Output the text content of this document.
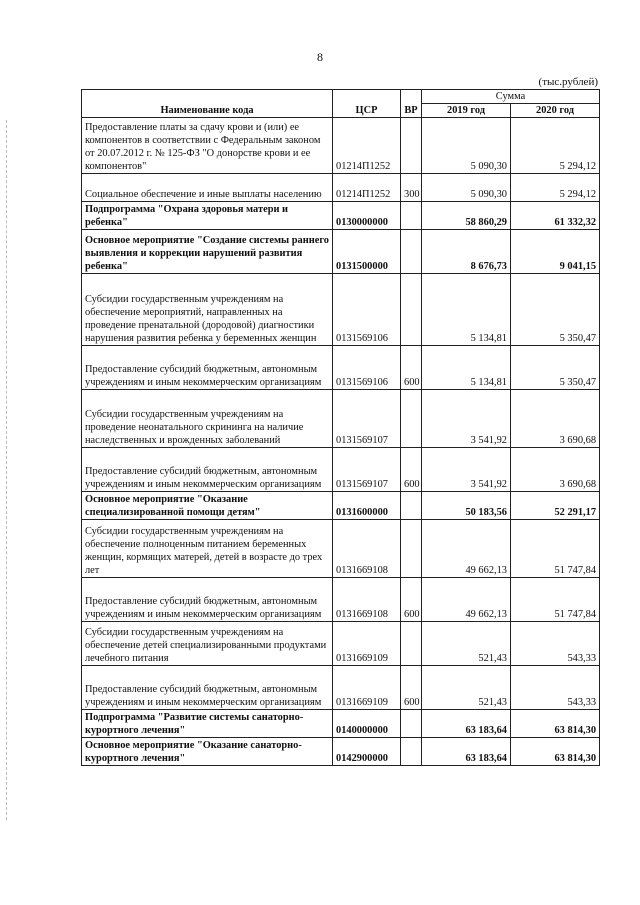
8
(тыс.рублей)
Наименование кода	ЦСР	ВР	Сумма	
			2019 год	2020 год
Предоставление платы за сдачу крови и (или) ее компонентов в соответствии с Федеральным законом от 20.07.2012 г. № 125-ФЗ "О донорстве крови и ее компонентов"	01214П1252		5 090,30	5 294,12
Социальное обеспечение и иные выплаты населению	01214П1252	300	5 090,30	5 294,12
Подпрограмма "Охрана здоровья матери и ребенка"	0130000000		58 860,29	61 332,32
Основное мероприятие "Создание системы раннего выявления и коррекции нарушений развития ребенка"	0131500000		8 676,73	9 041,15
Субсидии государственным учреждениям на обеспечение мероприятий, направленных на проведение пренатальной (дородовой) диагностики нарушения развития ребенка у беременных женщин	0131569106		5 134,81	5 350,47
Предоставление субсидий бюджетным, автономным учреждениям и иным некоммерческим организациям	0131569106	600	5 134,81	5 350,47
Субсидии государственным учреждениям на проведение неонатального скрининга на наличие наследственных и врожденных заболеваний	0131569107		3 541,92	3 690,68
Предоставление субсидий бюджетным, автономным учреждениям и иным некоммерческим организациям	0131569107	600	3 541,92	3 690,68
Основное мероприятие "Оказание специализированной помощи детям"	0131600000		50 183,56	52 291,17
Субсидии государственным учреждениям на обеспечение полноценным питанием беременных женщин, кормящих матерей, детей в возрасте до трех лет	0131669108		49 662,13	51 747,84
Предоставление субсидий бюджетным, автономным учреждениям и иным некоммерческим организациям	0131669108	600	49 662,13	51 747,84
Субсидии государственным учреждениям на обеспечение детей специализированными продуктами лечебного питания	0131669109		521,43	543,33
Предоставление субсидий бюджетным, автономным учреждениям и иным некоммерческим организациям	0131669109	600	521,43	543,33
Подпрограмма "Развитие системы санаторно-курортного лечения"	0140000000		63 183,64	63 814,30
Основное мероприятие "Оказание санаторно-курортного лечения"	0142900000		63 183,64	63 814,30
